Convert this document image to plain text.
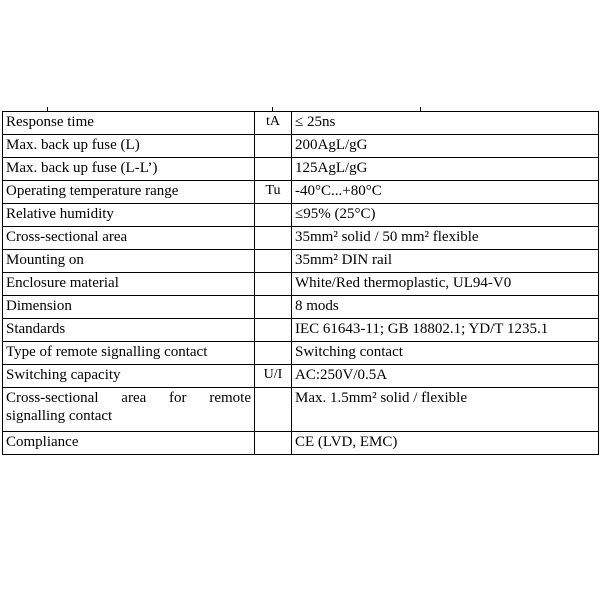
Response time	tA	≤ 25ns
Max. back up fuse (L)		200AgL/gG
Max. back up fuse (L-L’)		125AgL/gG
Operating temperature range	Tu	-40°C...+80°C
Relative humidity		≤95% (25°C)
Cross-sectional area		35mm² solid / 50 mm² flexible
Mounting on		35mm² DIN rail
Enclosure material		White/Red thermoplastic, UL94-V0
Dimension		8 mods
Standards		IEC 61643-11; GB 18802.1; YD/T 1235.1
Type of remote signalling contact		Switching contact
Switching capacity	U/I	AC:250V/0.5A
Cross-sectional area for remote signalling contact		Max. 1.5mm² solid / flexible
Compliance		CE (LVD, EMC)
